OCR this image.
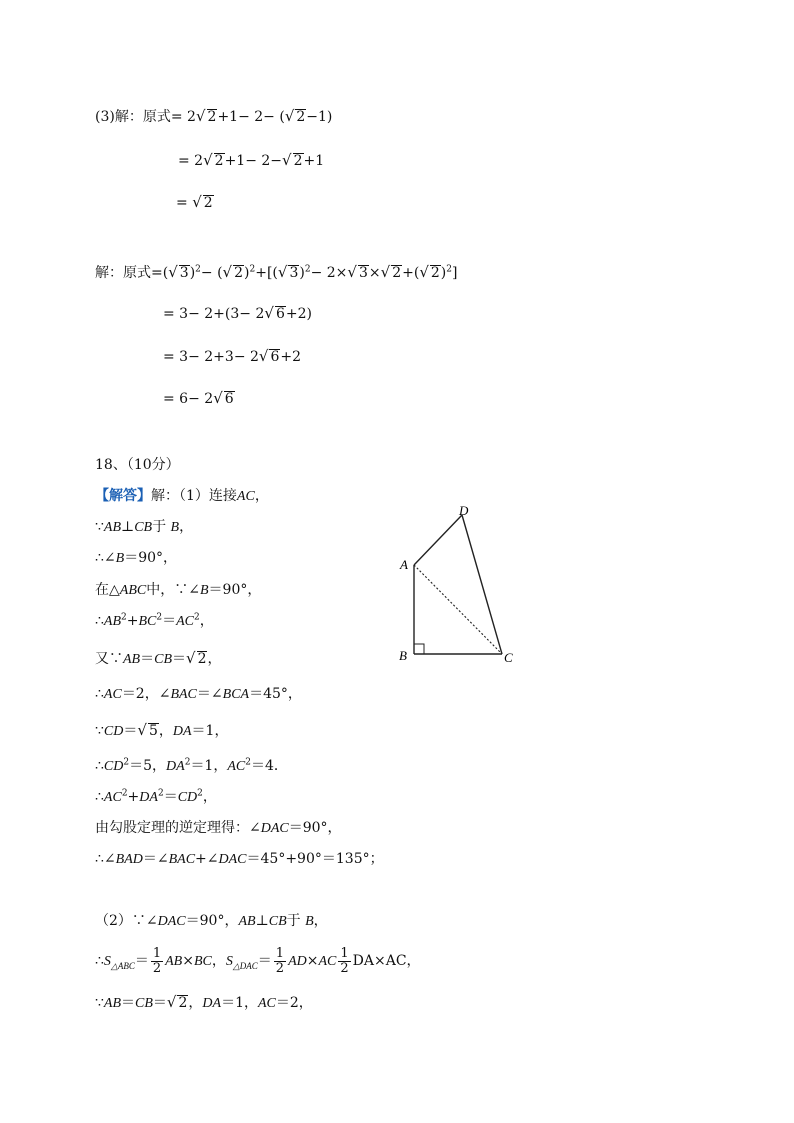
(3)解：原式= 2√ 2+1− 2− (√ 2−1)
= 2√ 2+1− 2−√ 2+1
= √ 2
解：原式=(√ 3)$^2$− (√ 2)$^2$+[(√ 3)$^2$− 2×√ 3×√ 2+(√ 2)$^2$]
= 3− 2+(3− 2√ 6+2)
= 3− 2+3− 2√ 6+2
= 6− 2√ 6
18、（10分）
【解答】解：（1）连接AC，
∵AB⊥CB于 B，
∴∠B＝90°，
在△ABC中，∵∠B＝90°，
$\therefore AB^2+BC^2=AC^2$，
又∵AB＝CB＝√ 2，
∴AC＝2，∠BAC＝∠BCA＝45°，
∵CD＝√ 5，DA＝1，
$\therefore CD^2=5$，$DA^2=1$，$AC^2=4$．
$\therefore AC^2+DA^2=CD^2$，
由勾股定理的逆定理得：∠DAC＝90°，
∴∠BAD＝∠BAC+∠DAC＝45°+90°＝135°；
（2）∵∠DAC＝90°，AB⊥CB于 B，
$\therefore S_{\triangle ABC}= \frac{1}{2} AB\times BC$，$S_{\triangle DAC}= \frac{1}{2} AD\times AC \frac{1}{2} DA\times AC$，
∵AB＝CB＝√ 2，DA＝1，AC＝2，
A
B	C
D
